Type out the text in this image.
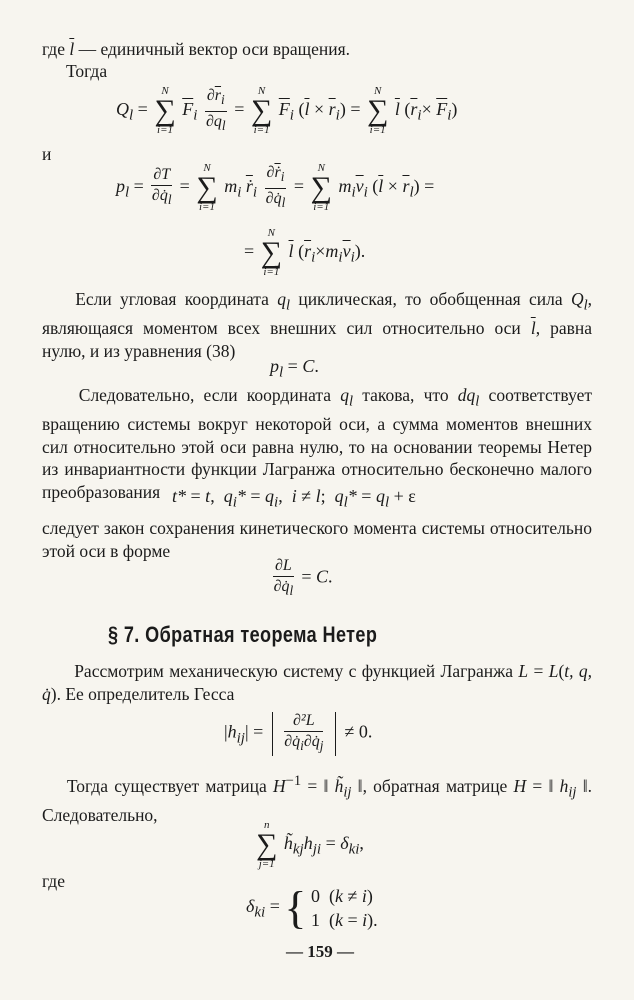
где $\overline{l}$ — единичный вектор оси вращения.
Тогда
$Q_l$ =
N
∑
i=1
$\overline{F}_i \frac{\partial\overline{r}_i}{\partial q_l}$ =
N
∑
i=1
$\overline{F}_i$ $(\overline{l} \times \overline{r}_i)$ =
N
∑
i=1
$\overline{l}$ $(\overline{r}_i\times \overline{F}_i)$
и
$p_l = \frac{\partial T}{\partial q̇_l}$ =
N
∑
i=1
$m_i$ $\overline{ṙ}_i \frac{\partial\overline{ṙ}_i}{\partial q̇_l}$ =
N
∑
i=1
$m_i\overline{v}_i$ $(\overline{l} \times \overline{r}_l)$ =
=
N
∑
i=1
$\overline{l}$ $(\overline{r}_i\times m_i\overline{v}_i)$.
Если угловая координата $q_l$ циклическая, то обобщенная сила $Q_l$, являющаяся моментом всех внешних сил относительно оси $\overline{l}$, равна нулю, и из уравнения (38)
$p_l = C$.
Следовательно, если координата $q_l$ такова, что $dq_l$ соответствует вращению системы вокруг некоторой оси, а сумма моментов внешних сил относительно этой оси равна нулю, то на основании теоремы Нетер из инвариантности функции Лагранжа относительно бесконечно малого преобразования t* = t,  $q_i* = q_i$,  i ≠ l;  $q_l* = q_l + \varepsilon$
следует закон сохранения кинетического момента системы относительно этой оси в форме
$\frac{\partial L}{\partial q̇_l} = C$.
§ 7. Обратная теорема Нетер
Рассмотрим механическую систему с функцией Лагранжа L = L(t, q, q̇). Ее определитель Гесса
$|h_{ij}| = \frac{\text{∂²L}}{\partial q̇_i\partial q̇_j} \ne 0$.
Тогда существует матрица $H^{-1}$ = ‖ $h̃_{ij}$ ‖, обратная матрице H = ‖ $h_{ij}$ ‖. Следовательно,
n
∑
j=1
$h̃_{kj}h_{ji} = \delta_{ki}$,
где
$\delta_{ki}$ = { 0 (k ≠ i)
1 (k = i).
— 159 —
